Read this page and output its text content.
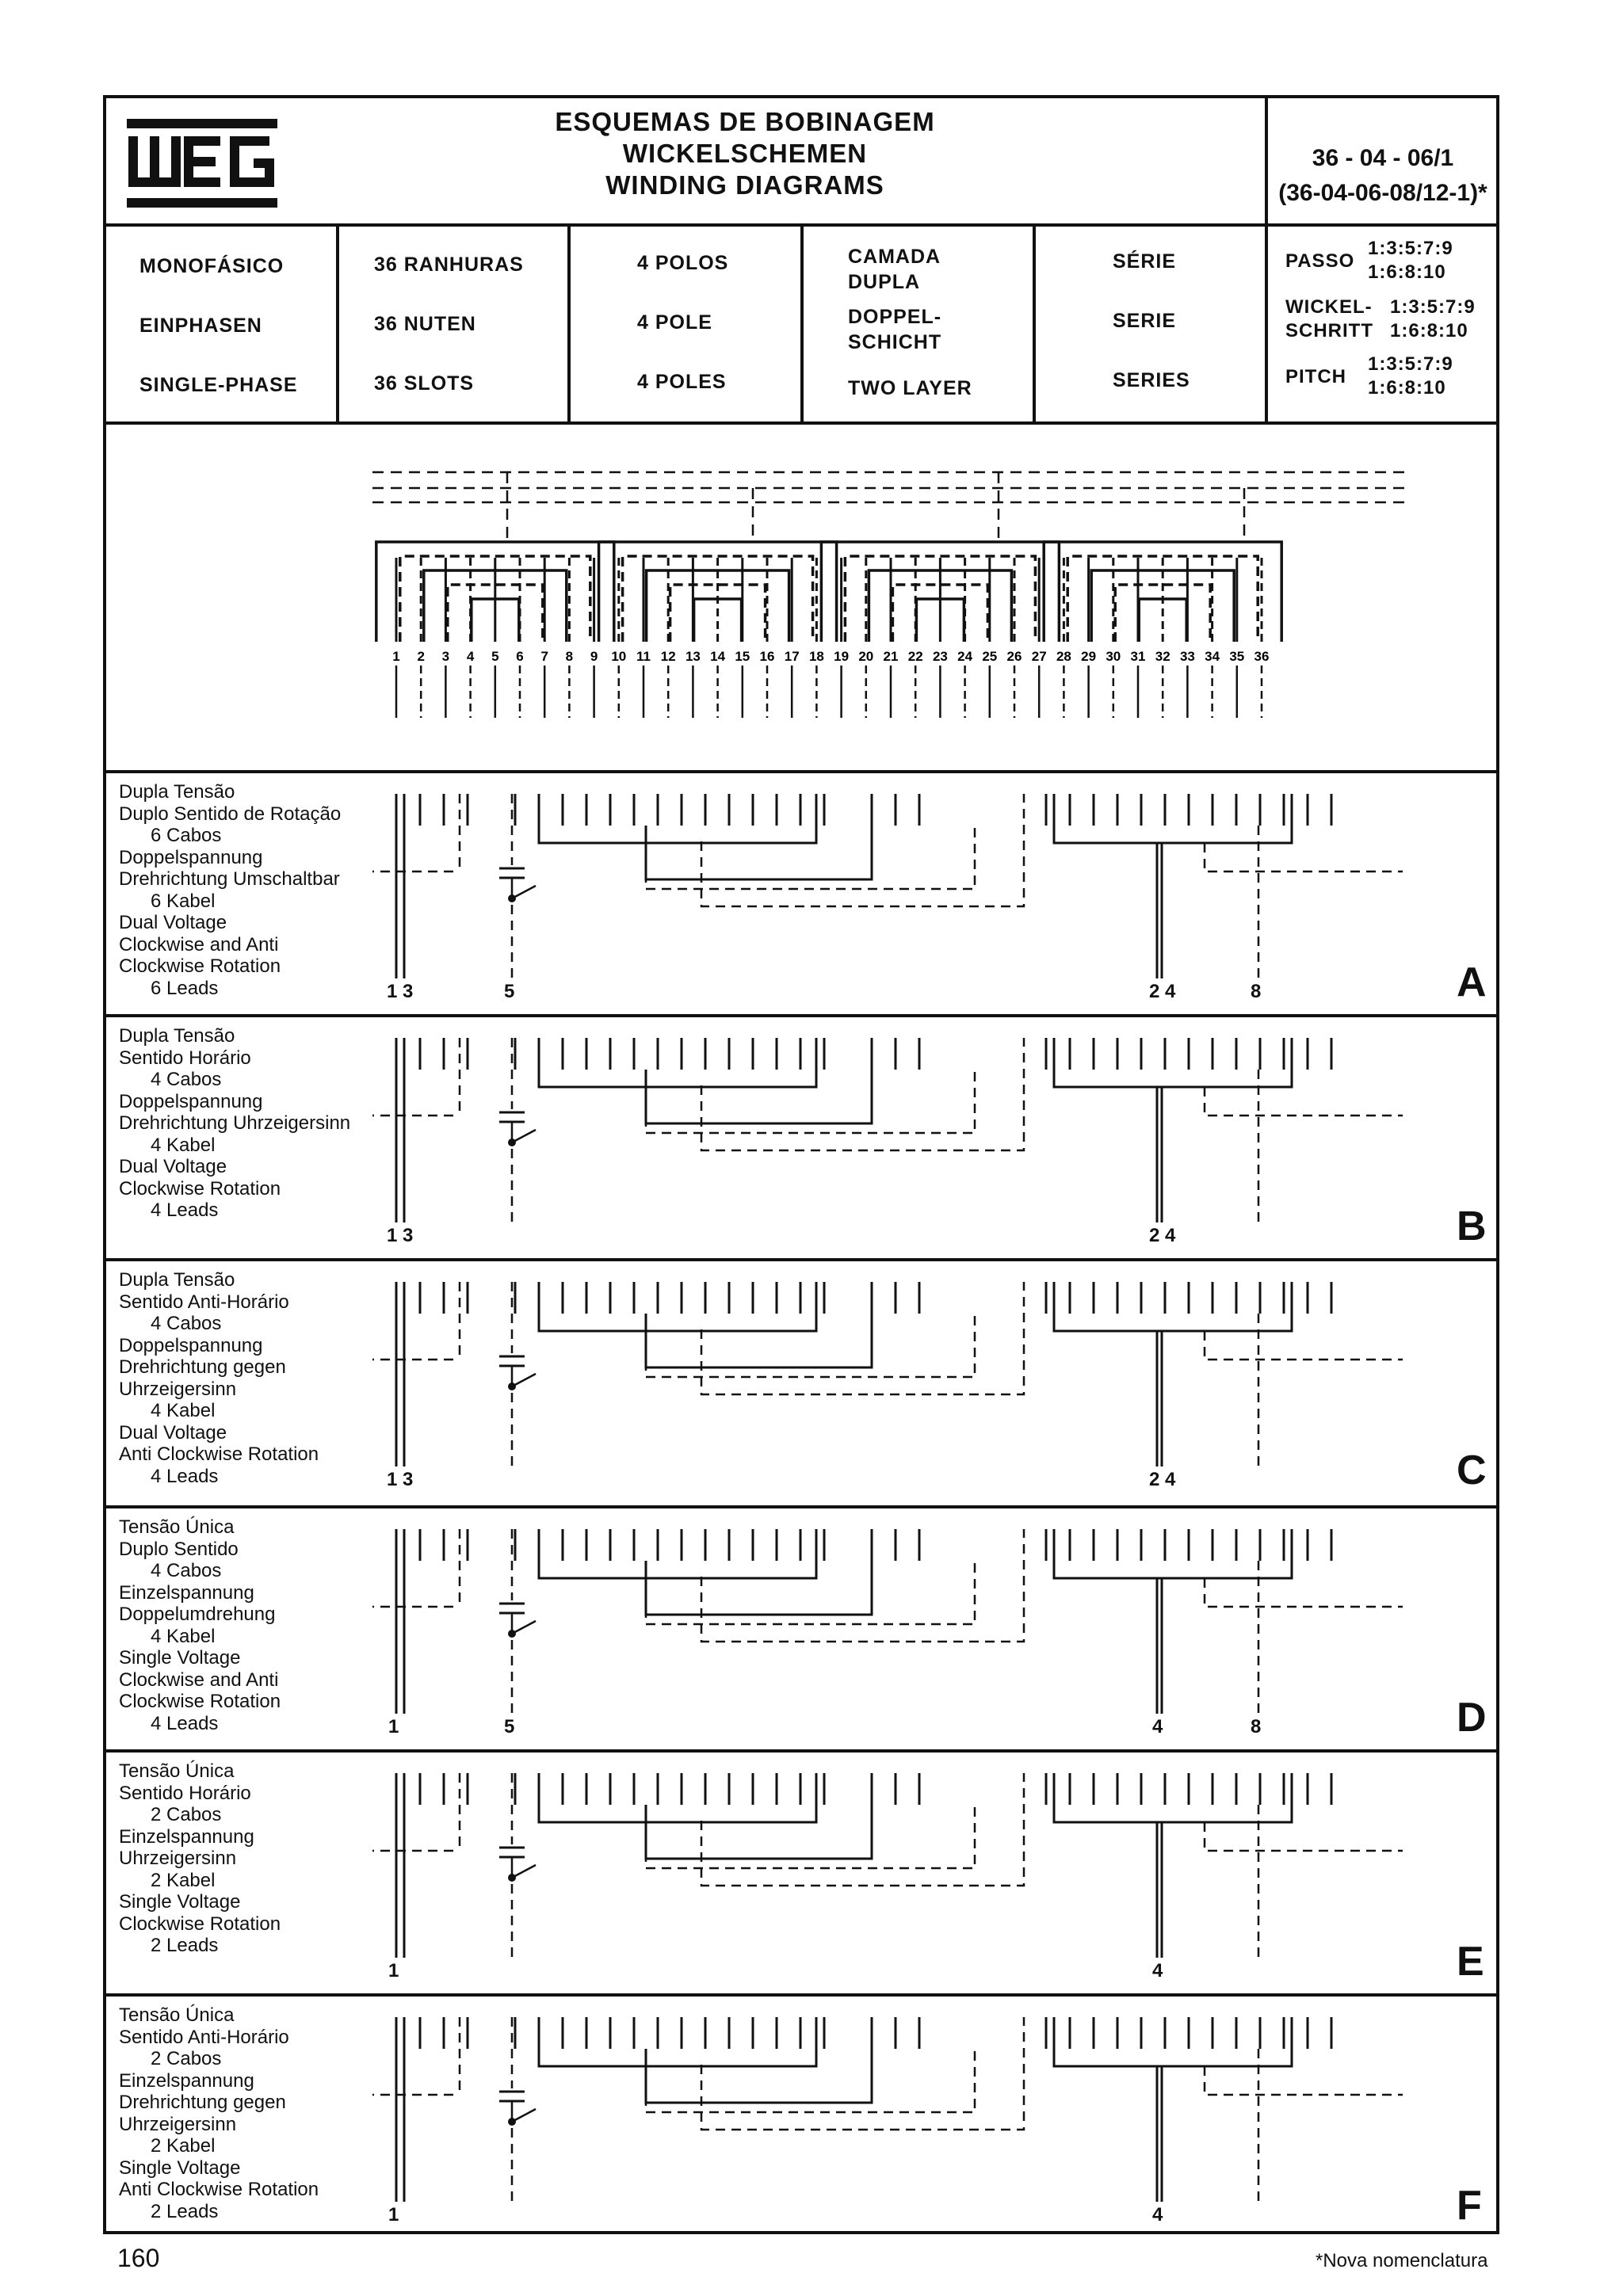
ESQUEMAS DE BOBINAGEM
WICKELSCHEMEN
WINDING DIAGRAMS
36 - 04 - 06/1
(36-04-06-08/12-1)*
MONOFÁSICO
EINPHASEN
SINGLE-PHASE
36 RANHURAS
36 NUTEN
36 SLOTS
4 POLOS
4 POLE
4 POLES
CAMADA
DUPLA
DOPPEL-
SCHICHT
TWO LAYER
SÉRIE
SERIE
SERIES
PASSO
1:3:5:7:9
1:6:8:10
WICKEL- 1:3:5:7:9
SCHRITT 1:6:8:10
PITCH
1:3:5:7:9
1:6:8:10
1 2 3 4 5 6 7 8 9 10 11 12 13 14 15 16 17 18 19 20 21 22 23 24 25 26 27 28 29 30 31 32 33 34 35 36
Dupla Tensão
Duplo Sentido de Rotação
6 Cabos
Doppelspannung
Drehrichtung Umschaltbar
6 Kabel
Dual Voltage
Clockwise and Anti
Clockwise Rotation
6 Leads	A
1 3	5	2 4	8
Dupla Tensão
Sentido Horário
4 Cabos
Doppelspannung
Drehrichtung Uhrzeigersinn
4 Kabel
Dual Voltage
Clockwise Rotation
4 Leads	B
1 3	2 4
Dupla Tensão
Sentido Anti-Horário
4 Cabos
Doppelspannung
Drehrichtung gegen
Uhrzeigersinn
4 Kabel
Dual Voltage
Anti Clockwise Rotation
4 Leads	C
1 3	2 4
Tensão Única
Duplo Sentido
4 Cabos
Einzelspannung
Doppelumdrehung
4 Kabel
Single Voltage
Clockwise and Anti
Clockwise Rotation
4 Leads	D
1	5	4	8
Tensão Única
Sentido Horário
2 Cabos
Einzelspannung
Uhrzeigersinn
2 Kabel
Single Voltage
Clockwise Rotation
2 Leads	E
1	4
Tensão Única
Sentido Anti-Horário
2 Cabos
Einzelspannung
Drehrichtung gegen
Uhrzeigersinn
2 Kabel
Single Voltage
Anti Clockwise Rotation
2 Leads	F
1	4
160	*Nova nomenclatura
